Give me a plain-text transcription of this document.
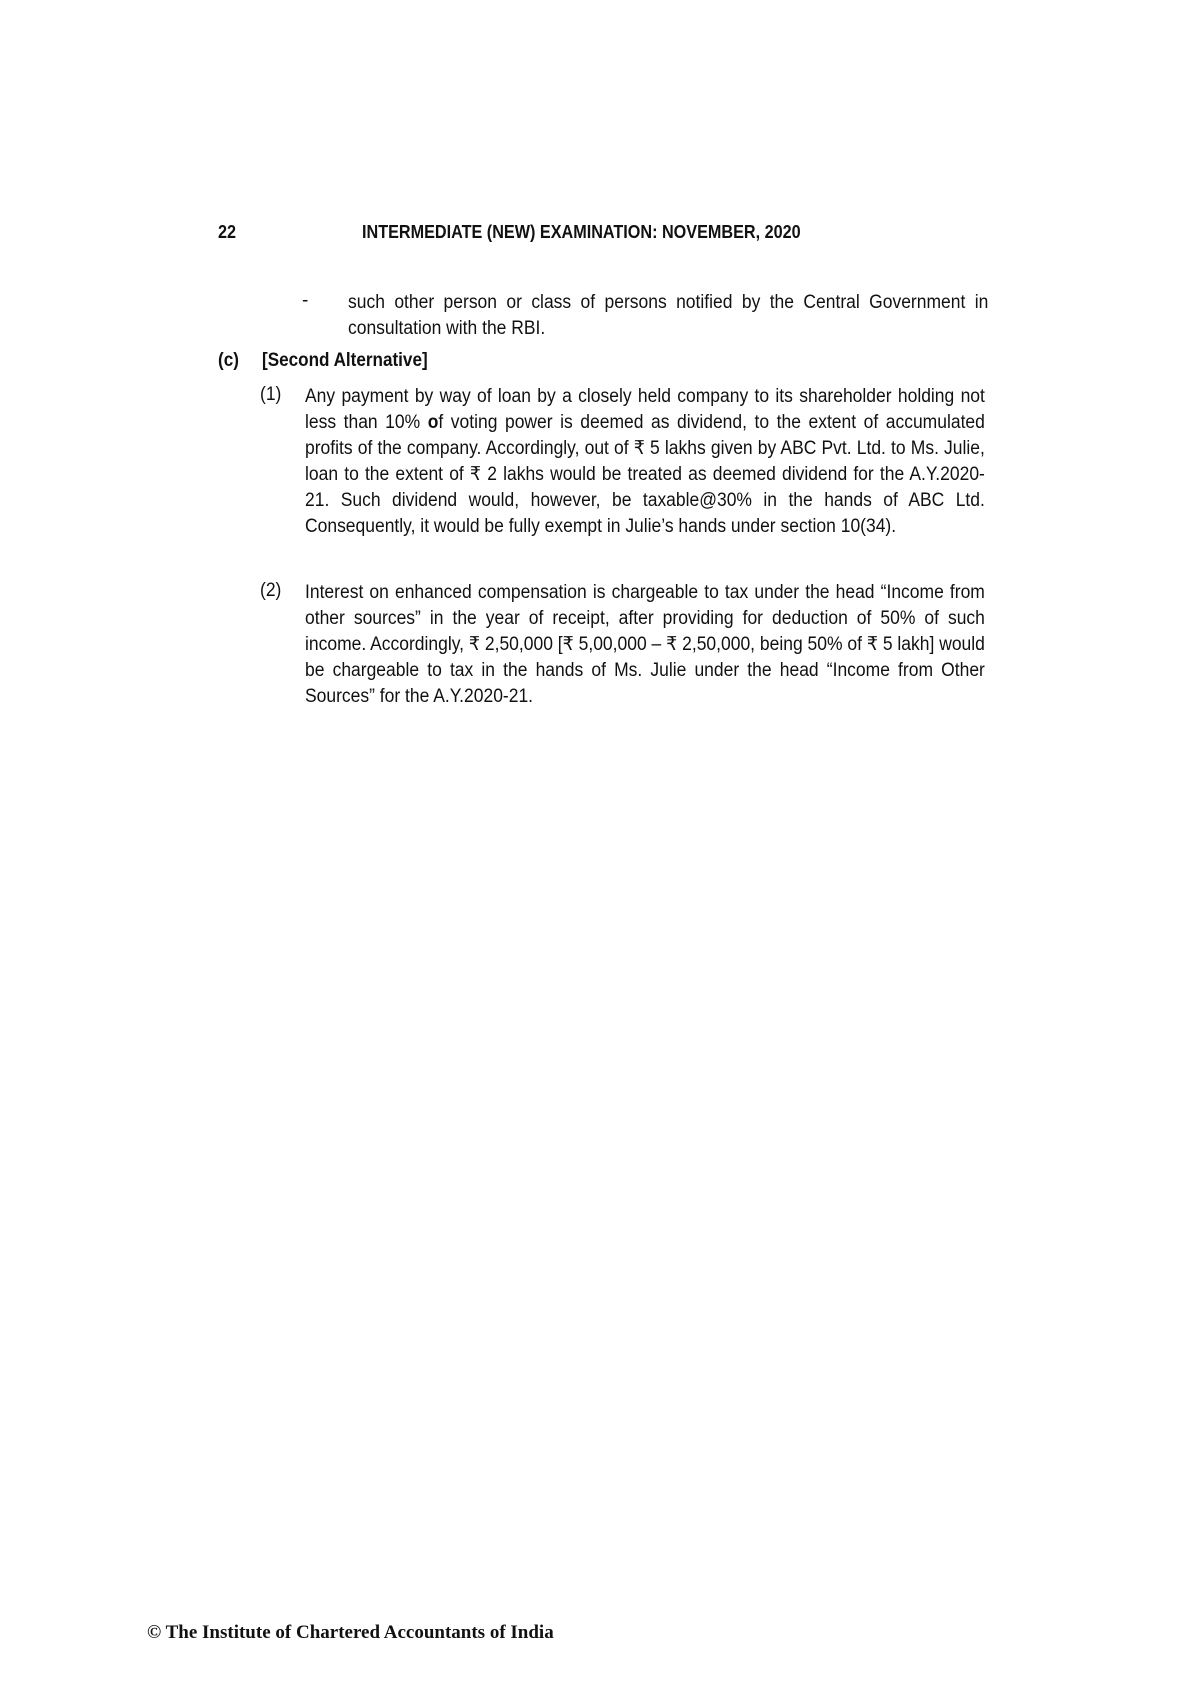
22	INTERMEDIATE (NEW) EXAMINATION: NOVEMBER, 2020
- such other person or class of persons notified by the Central Government in consultation with the RBI.
(c) [Second Alternative]
(1) Any payment by way of loan by a closely held company to its shareholder holding not less than 10% of voting power is deemed as dividend, to the extent of accumulated profits of the company. Accordingly, out of ₹ 5 lakhs given by ABC Pvt. Ltd. to Ms. Julie, loan to the extent of ₹ 2 lakhs would be treated as deemed dividend for the A.Y.2020-21. Such dividend would, however, be taxable@30% in the hands of ABC Ltd. Consequently, it would be fully exempt in Julie’s hands under section 10(34).
(2) Interest on enhanced compensation is chargeable to tax under the head “Income from other sources” in the year of receipt, after providing for deduction of 50% of such income. Accordingly, ₹ 2,50,000 [₹ 5,00,000 – ₹ 2,50,000, being 50% of ₹ 5 lakh] would be chargeable to tax in the hands of Ms. Julie under the head “Income from Other Sources” for the A.Y.2020-21.
© The Institute of Chartered Accountants of India
